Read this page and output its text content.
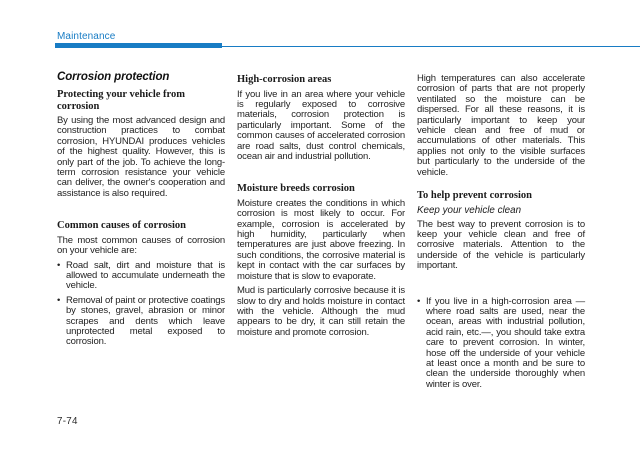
Maintenance
Corrosion protection
Protecting your vehicle from corrosion

By using the most advanced design and construction practices to combat corrosion, HYUNDAI produces vehicles of the highest quality. However, this is only part of the job. To achieve the long-term corrosion resistance your vehicle can deliver, the owner's cooperation and assistance is also required.

Common causes of corrosion

The most common causes of corrosion on your vehicle are:

• Road salt, dirt and moisture that is allowed to accumulate underneath the vehicle.
• Removal of paint or protective coatings by stones, gravel, abrasion or minor scrapes and dents which leave unprotected metal exposed to corrosion.
High-corrosion areas

If you live in an area where your vehicle is regularly exposed to corrosive materials, corrosion protection is particularly important. Some of the common causes of accelerated corrosion are road salts, dust control chemicals, ocean air and industrial pollution.

Moisture breeds corrosion

Moisture creates the conditions in which corrosion is most likely to occur. For example, corrosion is accelerated by high humidity, particularly when temperatures are just above freezing. In such conditions, the corrosive material is kept in contact with the car surfaces by moisture that is slow to evaporate.

Mud is particularly corrosive because it is slow to dry and holds moisture in contact with the vehicle. Although the mud appears to be dry, it can still retain the moisture and promote corrosion.

High temperatures can also accelerate corrosion of parts that are not properly ventilated so the moisture can be dispersed. For all these reasons, it is particularly important to keep your vehicle clean and free of mud or accumulations of other materials. This applies not only to the visible surfaces but particularly to the underside of the vehicle.

To help prevent corrosion
Keep your vehicle clean

The best way to prevent corrosion is to keep your vehicle clean and free of corrosive materials. Attention to the underside of the vehicle is particularly important.

• If you live in a high-corrosion area — where road salts are used, near the ocean, areas with industrial pollution, acid rain, etc.—, you should take extra care to prevent corrosion. In winter, hose off the underside of your vehicle at least once a month and be sure to clean the underside thoroughly when winter is over.
7-74
